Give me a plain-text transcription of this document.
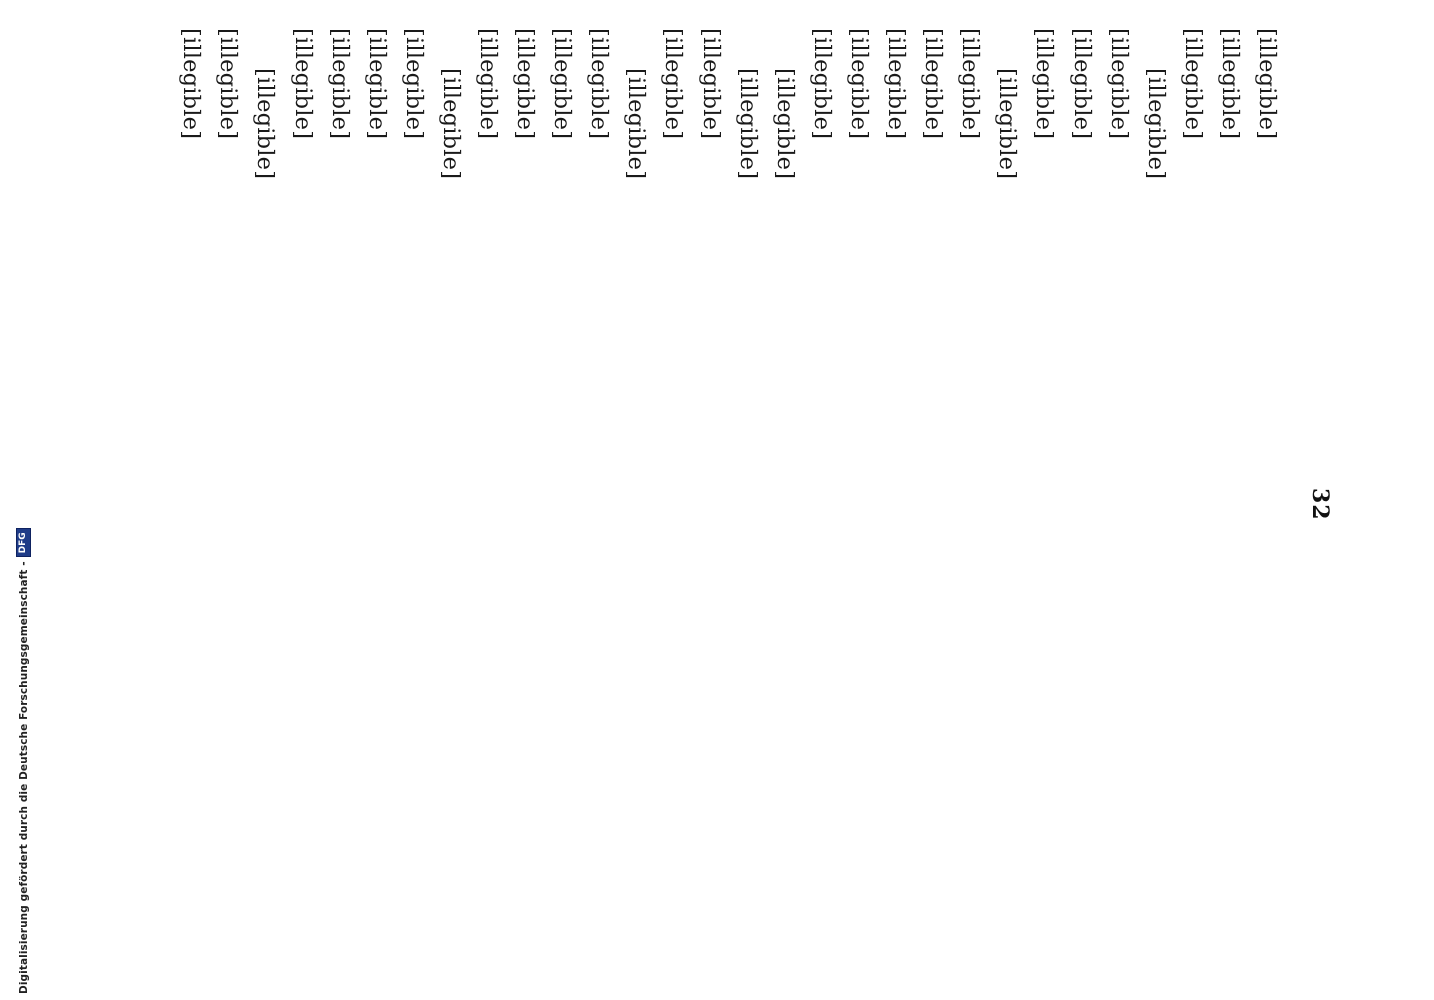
32
[illegible]
[illegible]
[illegible]
[illegible]
[illegible]
[illegible]
[illegible]
[illegible]
[illegible]
[illegible]
[illegible]
[illegible]
[illegible]
[illegible]
[illegible]
[illegible]
[illegible]
[illegible]
[illegible]
[illegible]
[illegible]
[illegible]
[illegible]
[illegible]
[illegible]
[illegible]
[illegible]
[illegible]
[illegible]
[illegible]
Digitalisierung gefördert durch die Deutsche Forschungsgemeinschaft -
DFG
